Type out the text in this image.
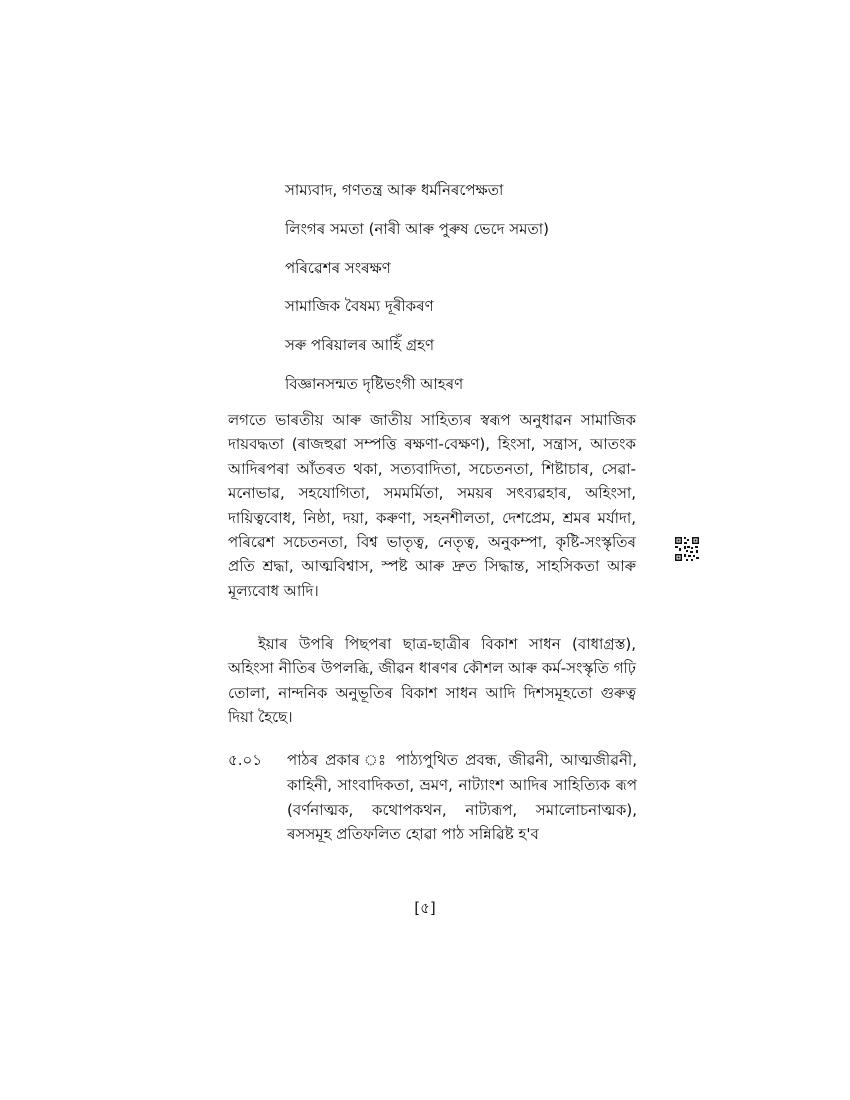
সাম্যবাদ, গণতন্ত্ৰ আৰু ধৰ্মনিৰপেক্ষতা
লিংগৰ সমতা (নাৰী আৰু পুৰুষ ভেদে সমতা)
পৰিৱেশৰ সংৰক্ষণ
সামাজিক বৈষম্য দূৰীকৰণ
সৰু পৰিয়ালৰ আহিঁ গ্ৰহণ
বিজ্ঞানসন্মত দৃষ্টিভংগী আহৰণ

লগতে ভাৰতীয় আৰু জাতীয় সাহিত্যৰ স্বৰূপ অনুধাৱন সামাজিক দায়বদ্ধতা (ৰাজহুৱা সম্পত্তি ৰক্ষণা-বেক্ষণ), হিংসা, সন্ত্ৰাস, আতংক আদিৰপৰা আঁতৰত থকা, সত্যবাদিতা, সচেতনতা, শিষ্টাচাৰ, সেৱা-মনোভাৱ, সহযোগিতা, সমমৰ্মিতা, সময়ৰ সৎব্যৱহাৰ, অহিংসা, দায়িত্ববোধ, নিষ্ঠা, দয়া, কৰুণা, সহনশীলতা, দেশপ্ৰেম, শ্ৰমৰ মৰ্যাদা, পৰিৱেশ সচেতনতা, বিশ্ব ভাতৃত্ব, নেতৃত্ব, অনুকম্পা, কৃষ্টি-সংস্কৃতিৰ প্ৰতি শ্ৰদ্ধা, আত্মবিশ্বাস, স্পষ্ট আৰু দ্ৰুত সিদ্ধান্ত, সাহসিকতা আৰু মূল্যবোধ আদি।

ইয়াৰ উপৰি পিছপৰা ছাত্ৰ-ছাত্ৰীৰ বিকাশ সাধন (বাধাগ্ৰস্ত), অহিংসা নীতিৰ উপলব্ধি, জীৱন ধাৰণৰ কৌশল আৰু কৰ্ম-সংস্কৃতি গঢ়ি তোলা, নান্দনিক অনুভূতিৰ বিকাশ সাধন আদি দিশসমূহতো গুৰুত্ব দিয়া হৈছে।

৫.০১ পাঠৰ প্ৰকাৰ ঃ পাঠ্যপুথিত প্ৰবন্ধ, জীৱনী, আত্মজীৱনী, কাহিনী, সাংবাদিকতা, ভ্ৰমণ, নাট্যাংশ আদিৰ সাহিত্যিক ৰূপ (বৰ্ণনাত্মক, কথোপকথন, নাট্যৰূপ, সমালোচনাত্মক), ৰসসমূহ প্ৰতিফলিত হোৱা পাঠ সন্নিৱিষ্ট হ'ব

[৫]
